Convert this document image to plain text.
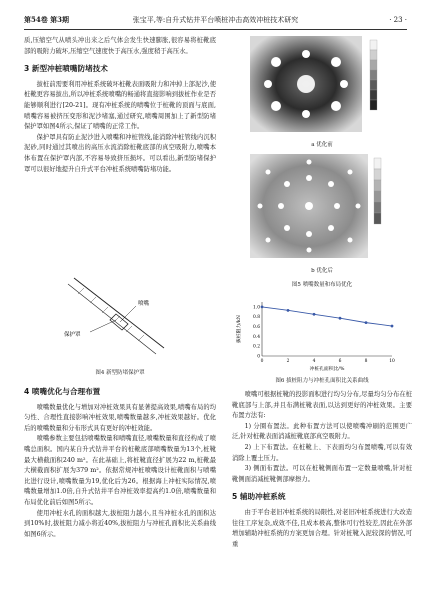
第54卷 第3期	张宝平,等:自升式钻井平台喷桩冲击高效冲桩技术研究	· 23 ·

质,压缩空气从喷头冲出来之后气体会发生快速膨胀,很容易将桩靴底部的吸附力破坏,压缩空气速度快于高压水,强度稍于高压水。

3 新型冲桩喷嘴防堵技术

拔桩前需要利用冲桩系统破坏桩靴表面吸附力和冲掉上部泥沙,使桩靴更容易拔出,所以冲桩系统喷嘴的畅通将直接影响到拔桩作业是否能够顺利进行[20-21]。现有冲桩系统的喷嘴位于桩靴的顶面与底面,喷嘴容易被挤压变形和泥沙堵塞,通过研究,喷嘴周围加上了新型防堵保护罩如图4所示,保证了喷嘴的正常工作。

保护罩具有防止泥沙进入喷嘴和冲桩管线,能消除冲桩管线内沉积泥砂,同时通过其喷出的高压水流消除桩靴底部的真空吸附力,喷嘴本体布置在保护罩内部,不容易导致挤压损坏。可以看出,新型防堵保护罩可以很好地提升自升式平台冲桩系统喷嘴防堵功能。

喷嘴
保护罩
图4 新型防堵保护罩
4 喷嘴优化与合理布置

喷嘴数量优化与增加对冲桩效果具有显著提高效果,喷嘴布局的均匀性、合理性直接影响冲桩效果,喷嘴数量越多,冲桩效果越好。优化后的喷嘴数量和分布形式具有更好的冲桩效能。

喷嘴参数主要包括喷嘴数量和喷嘴直径,喷嘴数量和直径构成了喷嘴总面积。国内某自升式钻井平台的桩靴底部喷嘴数量为13个,桩靴最大横截面积240 m²。在此基础上,将桩靴直径扩展为22 m,桩靴最大横截面积扩展为379 m²。依据常规冲桩喷嘴设计桩靴面积与喷嘴比进行设计,喷嘴数量为19,优化后为26。根据海上冲桩实际情况,喷嘴数量增加1.0倍,自升式钻井平台冲桩效率提高约1.0倍,喷嘴数量和布局优化前后如图5所示。

使用冲桩水孔的面积越大,拔桩阻力越小,且当冲桩水孔的面积达到10%时,拔桩阻力减小将近40%,拔桩阻力与冲桩孔面积比关系曲线如图6所示。

a 优化前
b 优化后
图5 喷嘴数量和布局优化
拔桩阻力/kN
冲桩孔面积比/%
0	2	4	6	8	10
0
0.2
0.4
0.6
0.8
1.0
图6 拔桩阻力与冲桩孔面积比关系曲线

喷嘴可根据桩靴的投影面积进行均匀分布,尽量均匀分布在桩靴底部与上部,并且布满桩靴表面,以达到更好的冲桩效果。主要布置方法有:

1) 分圈布置法。此种布置方法可以使喷嘴冲刷的范围更广泛,针对桩靴表面消减桩靴底部真空吸附力。

2) 上下布置法。在桩靴上、下表面均匀布置喷嘴,可以有效消除上覆土压力。

3) 侧面布置法。可以在桩靴侧面布置一定数量喷嘴,针对桩靴侧面消减桩靴侧部摩擦力。

5 辅助冲桩系统

由于平台老旧冲桩系统的局限性,对老旧冲桩系统进行大改造往往工序复杂,成效不佳,且成本极高,整体可行性较差,因此在外部增加辅助冲桩系统的方案更加合理。针对桩靴入泥较深的情况,可重
